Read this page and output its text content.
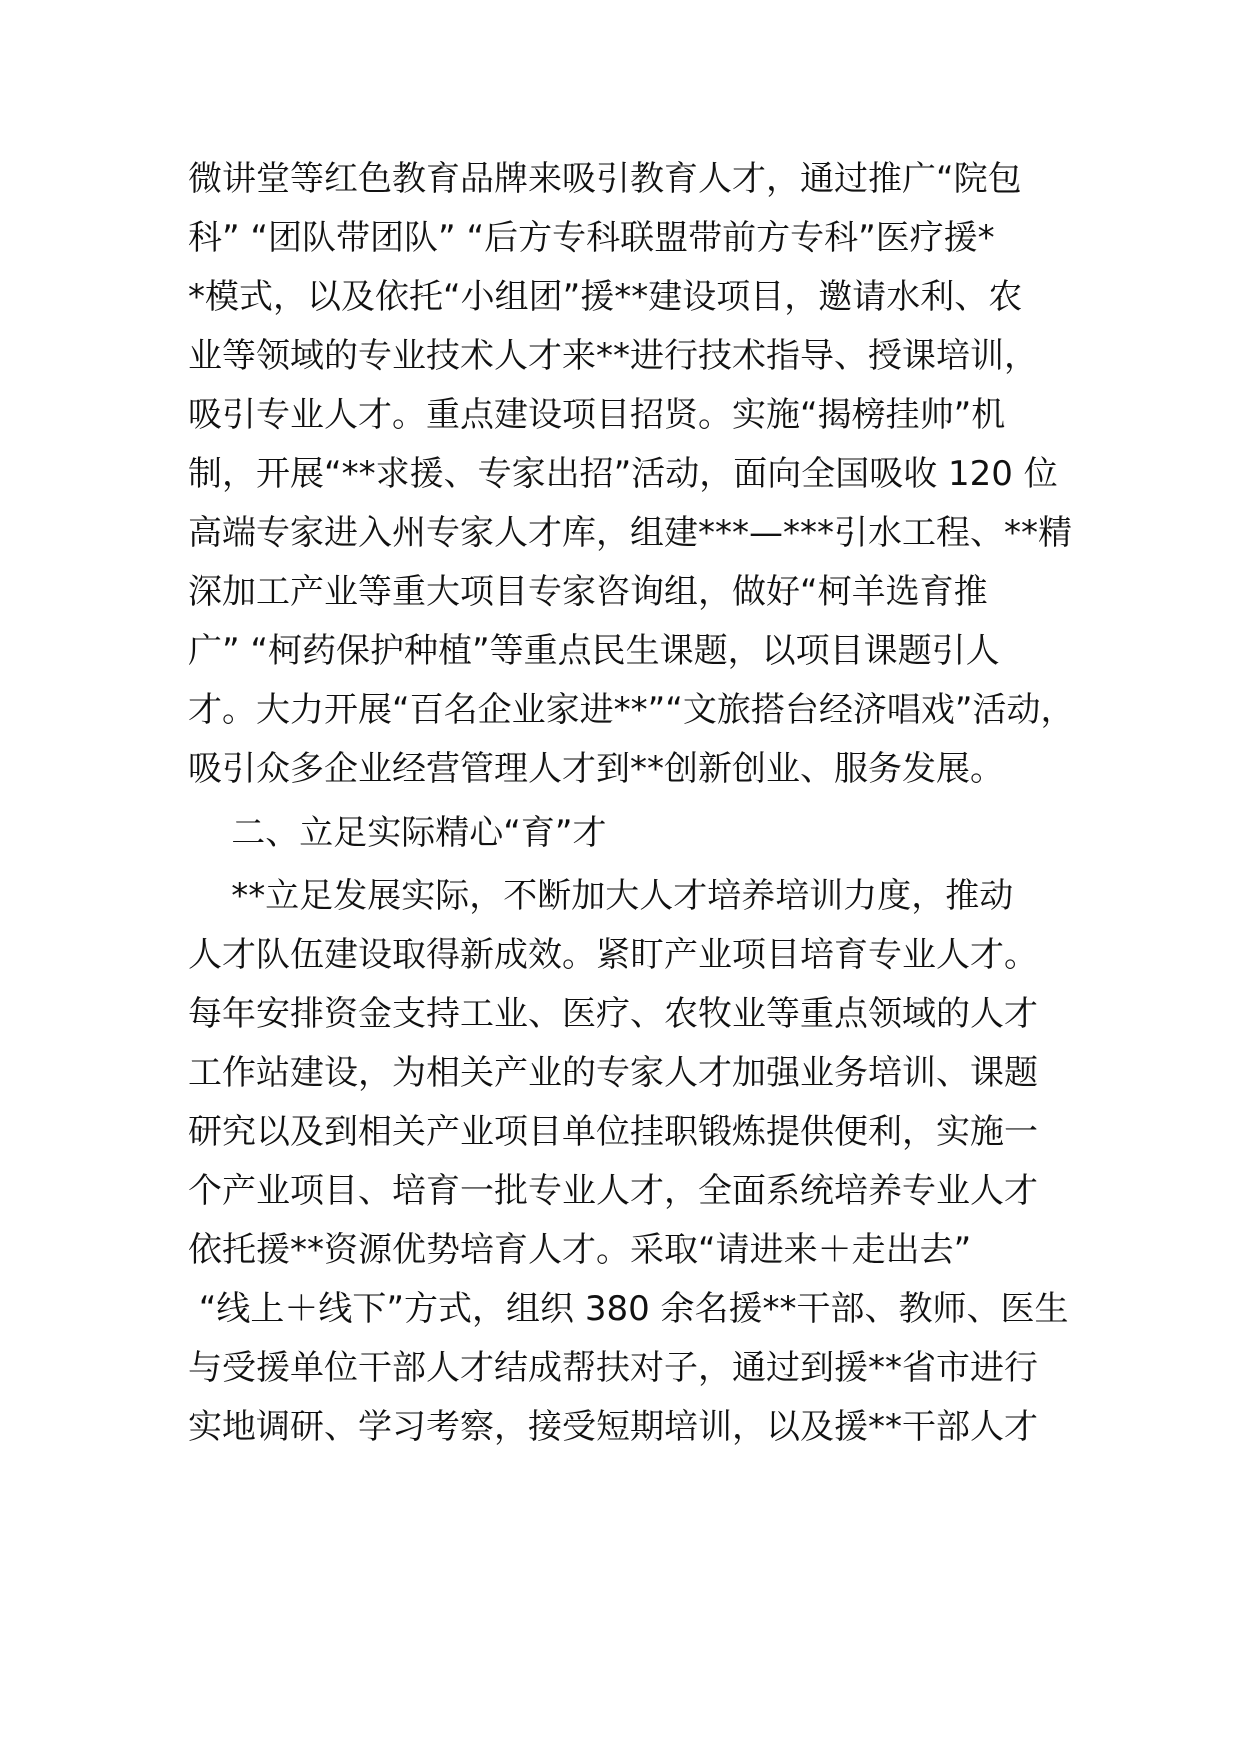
微讲堂等红色教育品牌来吸引教育人才，通过推广“院包
科” “团队带团队” “后方专科联盟带前方专科”医疗援*
*模式，以及依托“小组团”援**建设项目，邀请水利、农
业等领域的专业技术人才来**进行技术指导、授课培训，
吸引专业人才。重点建设项目招贤。实施“揭榜挂帅”机
制，开展“**求援、专家出招”活动，面向全国吸收 120 位
高端专家进入州专家人才库，组建***—***引水工程、**精
深加工产业等重大项目专家咨询组，做好“柯羊选育推
广” “柯药保护种植”等重点民生课题，以项目课题引人
才。大力开展“百名企业家进**”“文旅搭台经济唱戏”活动，
吸引众多企业经营管理人才到**创新创业、服务发展。
二、立足实际精心“育”才
**立足发展实际，不断加大人才培养培训力度，推动
人才队伍建设取得新成效。紧盯产业项目培育专业人才。
每年安排资金支持工业、医疗、农牧业等重点领域的人才
工作站建设，为相关产业的专家人才加强业务培训、课题
研究以及到相关产业项目单位挂职锻炼提供便利，实施一
个产业项目、培育一批专业人才，全面系统培养专业人才
依托援**资源优势培育人才。采取“请进来＋走出去”
“线上＋线下”方式，组织 380 余名援**干部、教师、医生
与受援单位干部人才结成帮扶对子，通过到援**省市进行
实地调研、学习考察，接受短期培训，以及援**干部人才
